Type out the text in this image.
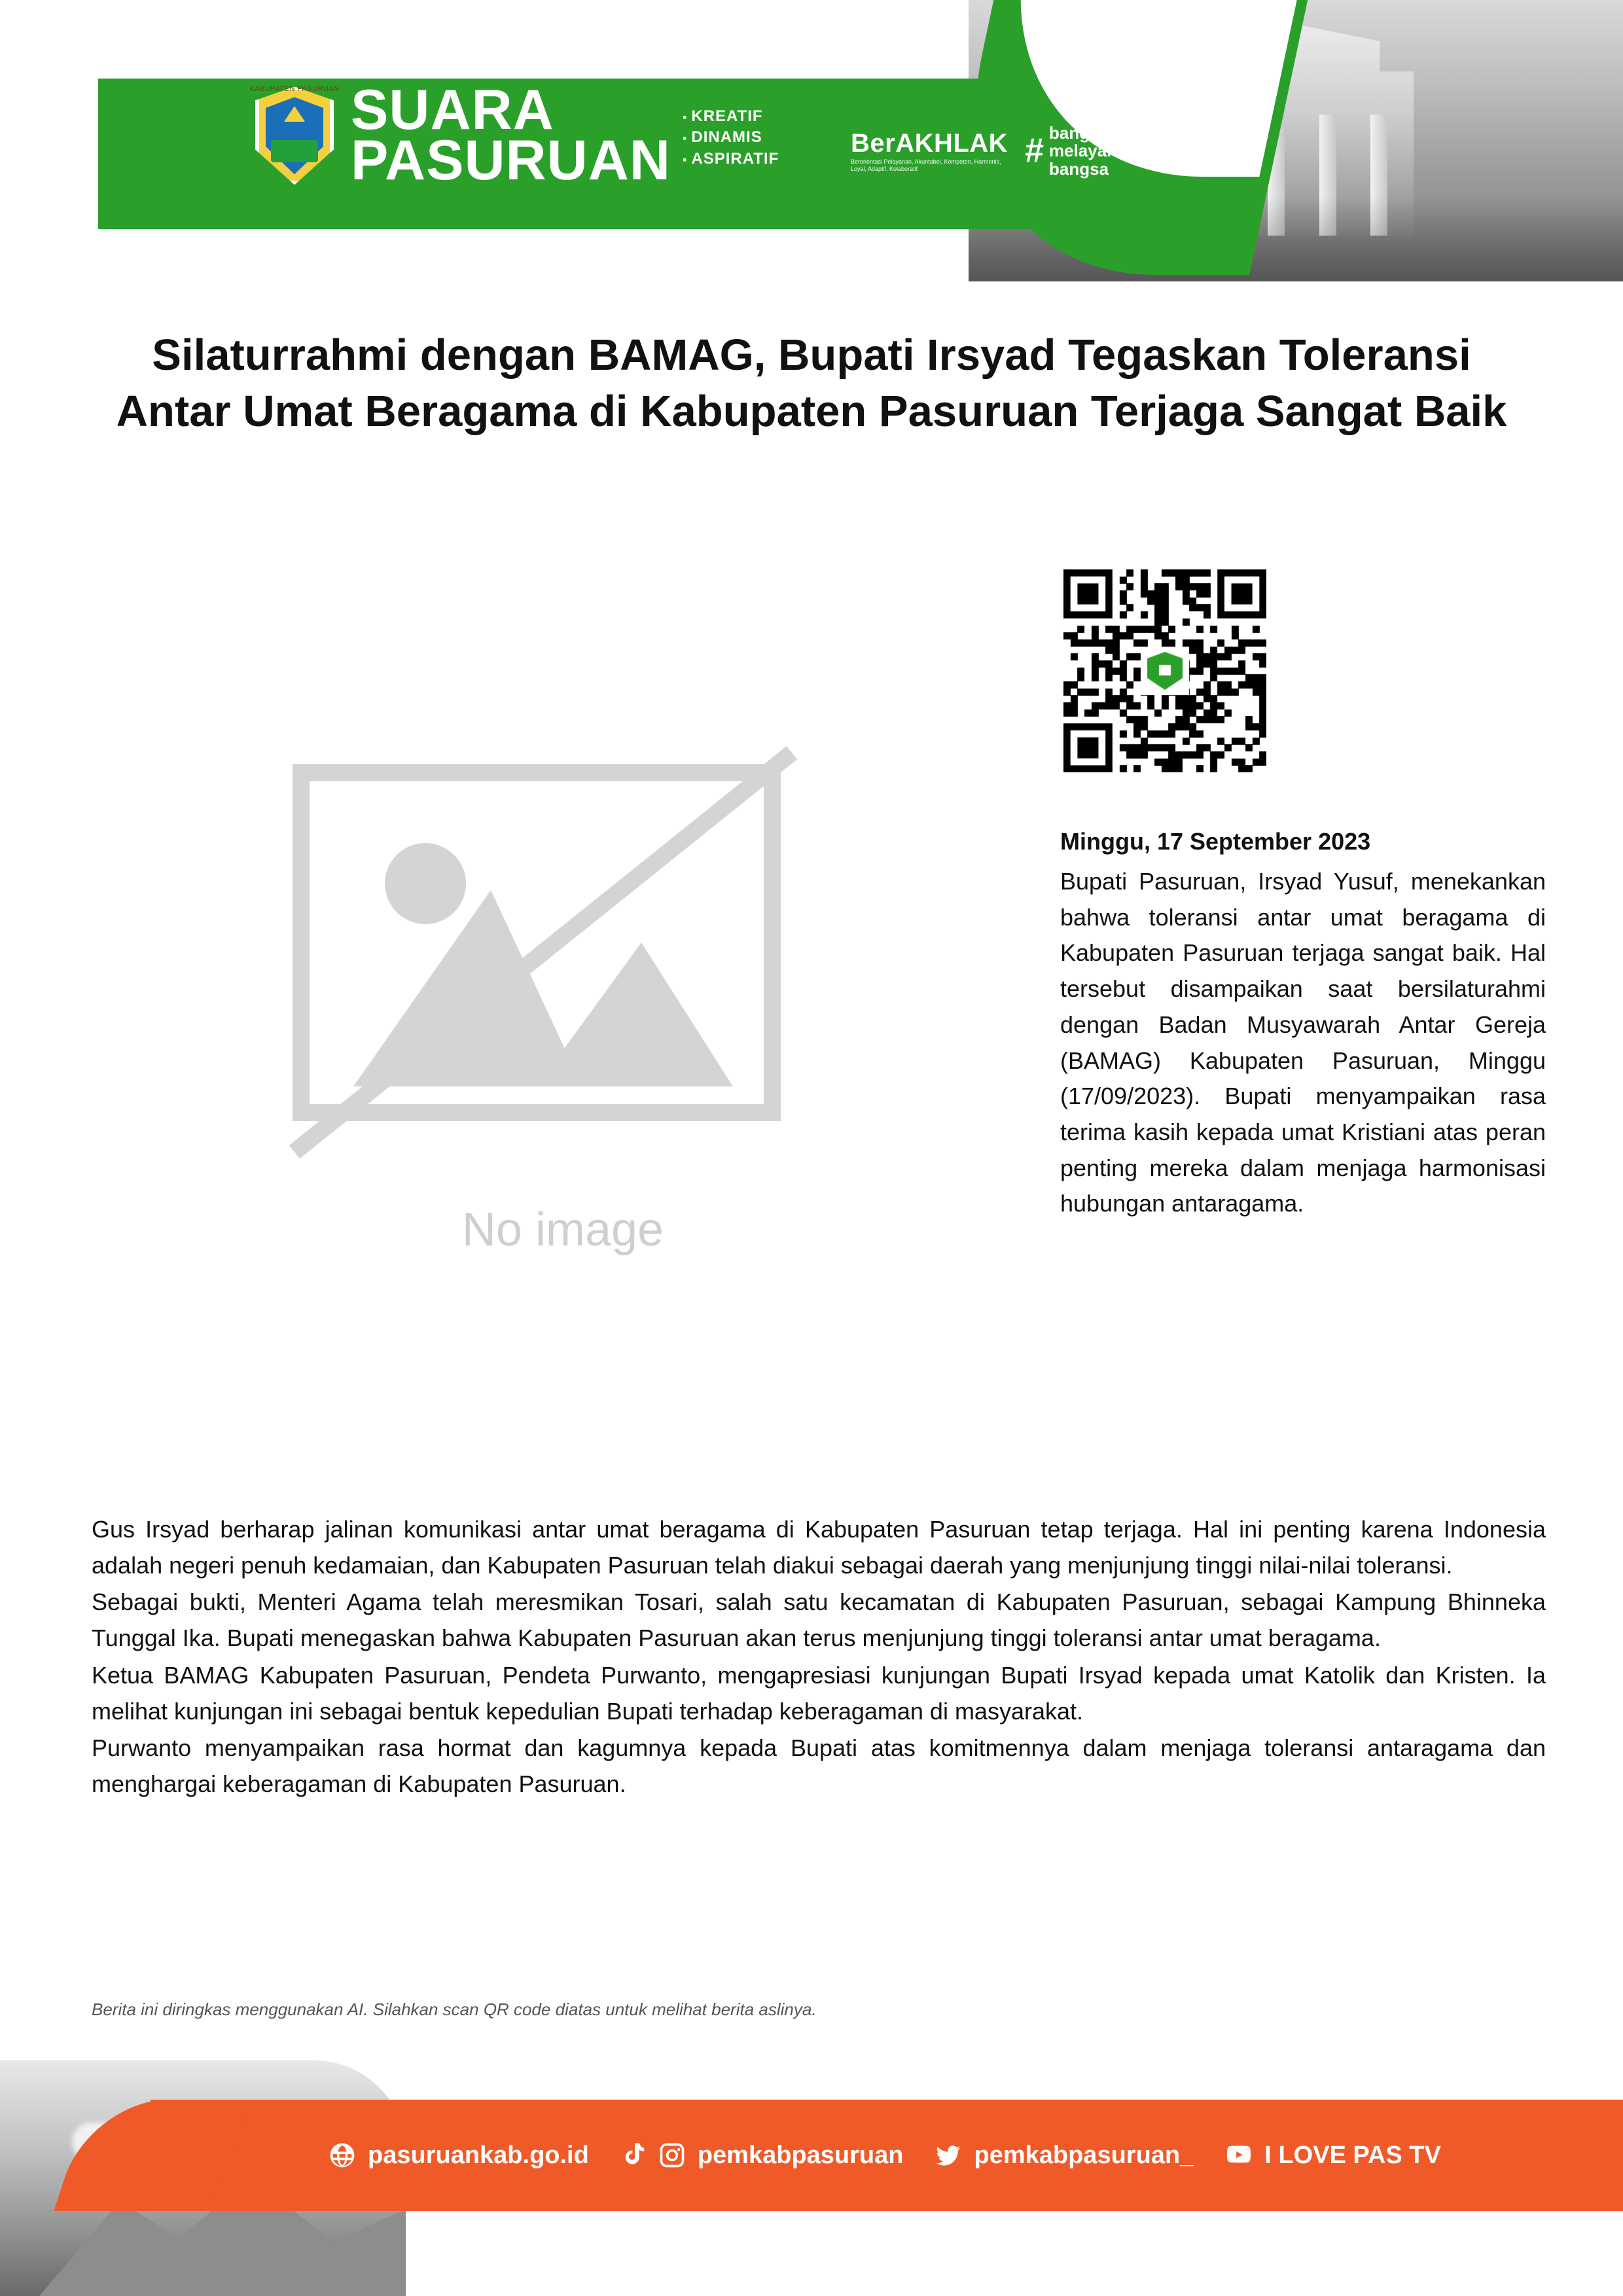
KABUPATEN PASURUAN SUARA
PASURUAN
▪ KREATIF
▪ DINAMIS
▪ ASPIRATIF
BerAKHLAK
Berorientasi Pelayanan, Akuntabel, Kompeten, Harmonis, Loyal, Adaptif, Kolaboratif	# bangga
melayani
bangsa
Silaturrahmi dengan BAMAG, Bupati Irsyad Tegaskan Toleransi Antar Umat Beragama di Kabupaten Pasuruan Terjaga Sangat Baik
No image
Minggu, 17 September 2023
Bupati Pasuruan, Irsyad Yusuf, menekankan bahwa toleransi antar umat beragama di Kabupaten Pasuruan terjaga sangat baik. Hal tersebut disampaikan saat bersilaturahmi dengan Badan Musyawarah Antar Gereja (BAMAG) Kabupaten Pasuruan, Minggu (17/09/2023). Bupati menyampaikan rasa terima kasih kepada umat Kristiani atas peran penting mereka dalam menjaga harmonisasi hubungan antaragama.

Gus Irsyad berharap jalinan komunikasi antar umat beragama di Kabupaten Pasuruan tetap terjaga. Hal ini penting karena Indonesia adalah negeri penuh kedamaian, dan Kabupaten Pasuruan telah diakui sebagai daerah yang menjunjung tinggi nilai-nilai toleransi.

Sebagai bukti, Menteri Agama telah meresmikan Tosari, salah satu kecamatan di Kabupaten Pasuruan, sebagai Kampung Bhinneka Tunggal Ika. Bupati menegaskan bahwa Kabupaten Pasuruan akan terus menjunjung tinggi toleransi antar umat beragama.

Ketua BAMAG Kabupaten Pasuruan, Pendeta Purwanto, mengapresiasi kunjungan Bupati Irsyad kepada umat Katolik dan Kristen. Ia melihat kunjungan ini sebagai bentuk kepedulian Bupati terhadap keberagaman di masyarakat.

Purwanto menyampaikan rasa hormat dan kagumnya kepada Bupati atas komitmennya dalam menjaga toleransi antaragama dan menghargai keberagaman di Kabupaten Pasuruan.

Berita ini diringkas menggunakan AI. Silahkan scan QR code diatas untuk melihat berita aslinya.
pasuruankab.go.id	pemkabpasuruan	pemkabpasuruan_	I LOVE PAS TV
